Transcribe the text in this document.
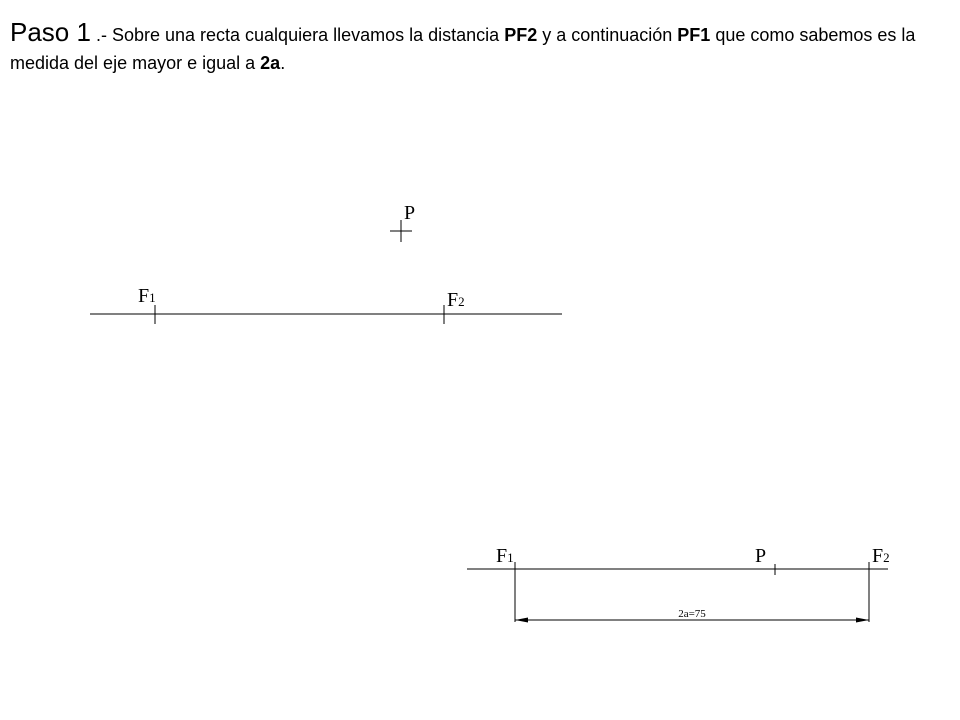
Paso 1 .- Sobre una recta cualquiera llevamos la distancia PF2 y a continuación PF1 que como sabemos es la medida del eje mayor e igual a 2a.

P
F1	F2
2a=75
F1	P	F2
